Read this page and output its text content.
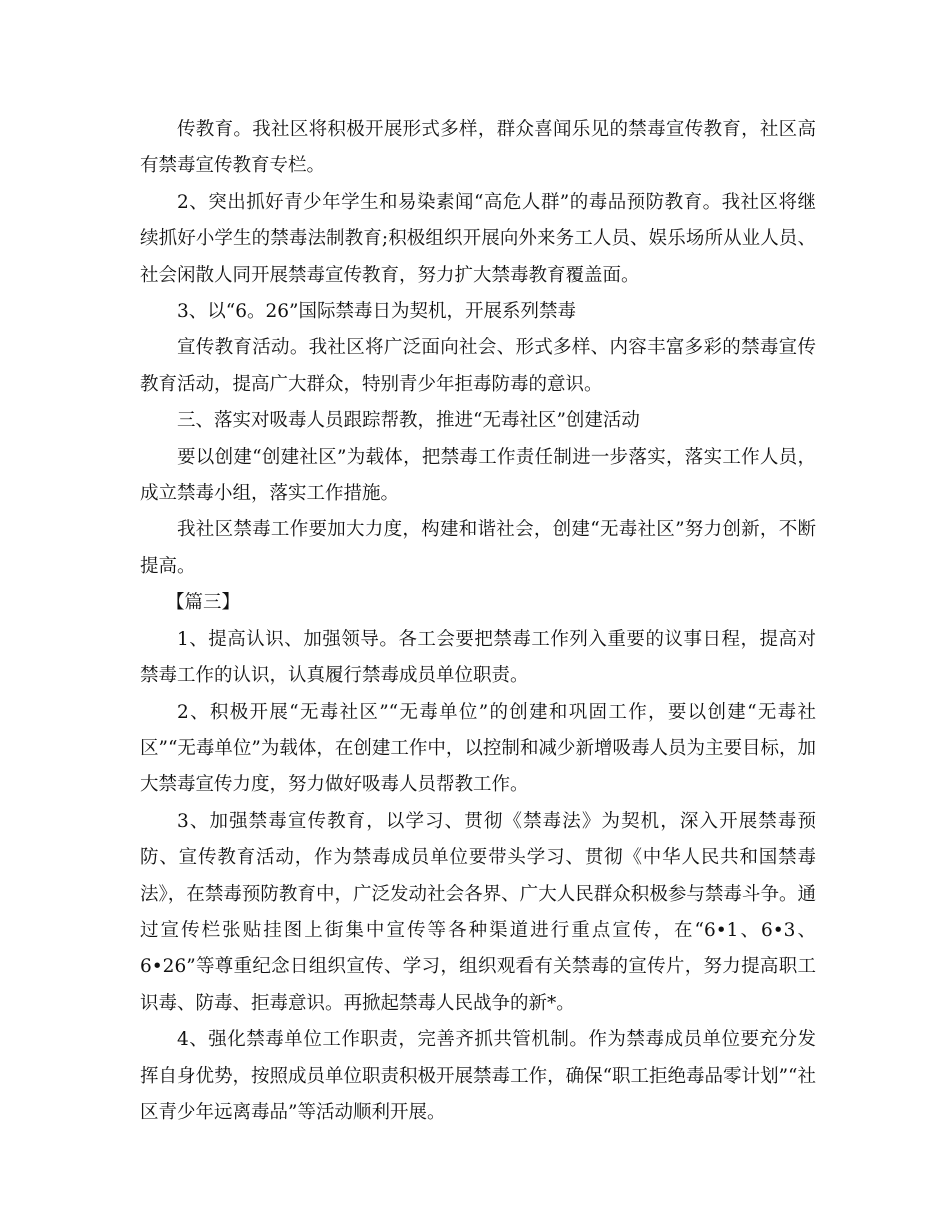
传教育。我社区将积极开展形式多样，群众喜闻乐见的禁毒宣传教育，社区高有禁毒宣传教育专栏。

2、突出抓好青少年学生和易染素闻“高危人群”的毒品预防教育。我社区将继续抓好小学生的禁毒法制教育;积极组织开展向外来务工人员、娱乐场所从业人员、社会闲散人同开展禁毒宣传教育，努力扩大禁毒教育覆盖面。

3、以“6。26”国际禁毒日为契机，开展系列禁毒

宣传教育活动。我社区将广泛面向社会、形式多样、内容丰富多彩的禁毒宣传教育活动，提高广大群众，特别青少年拒毒防毒的意识。

三、落实对吸毒人员跟踪帮教，推进“无毒社区”创建活动

要以创建“创建社区”为载体，把禁毒工作责任制进一步落实，落实工作人员，成立禁毒小组，落实工作措施。

我社区禁毒工作要加大力度，构建和谐社会，创建“无毒社区”努力创新，不断提高。

【篇三】

1、提高认识、加强领导。各工会要把禁毒工作列入重要的议事日程，提高对禁毒工作的认识，认真履行禁毒成员单位职责。

2、积极开展“无毒社区”“无毒单位”的创建和巩固工作，要以创建“无毒社区”“无毒单位”为载体，在创建工作中，以控制和减少新增吸毒人员为主要目标，加大禁毒宣传力度，努力做好吸毒人员帮教工作。

3、加强禁毒宣传教育，以学习、贯彻《禁毒法》为契机，深入开展禁毒预防、宣传教育活动，作为禁毒成员单位要带头学习、贯彻《中华人民共和国禁毒法》，在禁毒预防教育中，广泛发动社会各界、广大人民群众积极参与禁毒斗争。通过宣传栏张贴挂图上街集中宣传等各种渠道进行重点宣传，在“6•1、6•3、6•26”等尊重纪念日组织宣传、学习，组织观看有关禁毒的宣传片，努力提高职工识毒、防毒、拒毒意识。再掀起禁毒人民战争的新*。

4、强化禁毒单位工作职责，完善齐抓共管机制。作为禁毒成员单位要充分发挥自身优势，按照成员单位职责积极开展禁毒工作，确保“职工拒绝毒品零计划”“社区青少年远离毒品”等活动顺利开展。
